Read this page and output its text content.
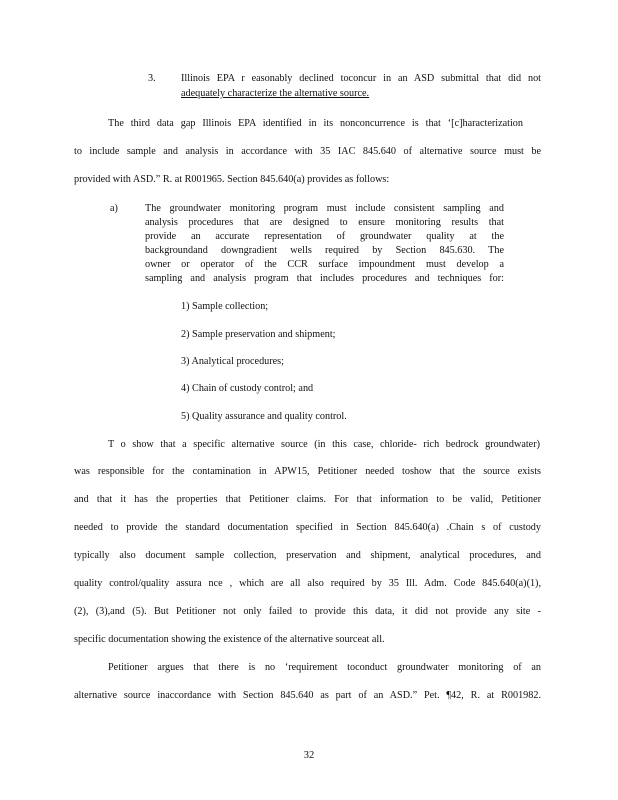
3. Illinois EPA r easonably declined toconcur in an ASD submittal that did not
adequately characterize the alternative source.
The third data gap Illinois EPA identified in its nonconcurrence is that ‘[c]haracterization
to include sample and analysis in accordance with 35 IAC 845.640 of alternative source must be
provided with ASD.” R. at R001965. Section 845.640(a) provides as follows:
a)	The groundwater monitoring program must include consistent sampling and
analysis procedures that are designed to ensure monitoring results that
provide an accurate representation of groundwater quality at the
backgroundand downgradient wells required by Section 845.630. The
owner or operator of the CCR surface impoundment must develop a
sampling and analysis program that includes procedures and techniques for:
1) Sample collection;
2) Sample preservation and shipment;
3) Analytical procedures;
4) Chain of custody control; and
5) Quality assurance and quality control.
T o show that a specific alternative source (in this case, chloride- rich bedrock groundwater)
was responsible for the contamination in APW15, Petitioner needed toshow that the source exists
and that it has the properties that Petitioner claims. For that information to be valid, Petitioner
needed to provide the standard documentation specified in Section 845.640(a) .Chain s of custody
typically also document sample collection, preservation and shipment, analytical procedures, and
quality control/quality assura nce , which are all also required by 35 Ill. Adm. Code 845.640(a)(1),
(2), (3),and (5). But Petitioner not only failed to provide this data, it did not provide any site -
specific documentation showing the existence of the alternative sourceat all.
Petitioner argues that there is no ‘requirement toconduct groundwater monitoring of an
alternative source inaccordance with Section 845.640 as part of an ASD.” Pet. ¶42, R. at R001982.
32
